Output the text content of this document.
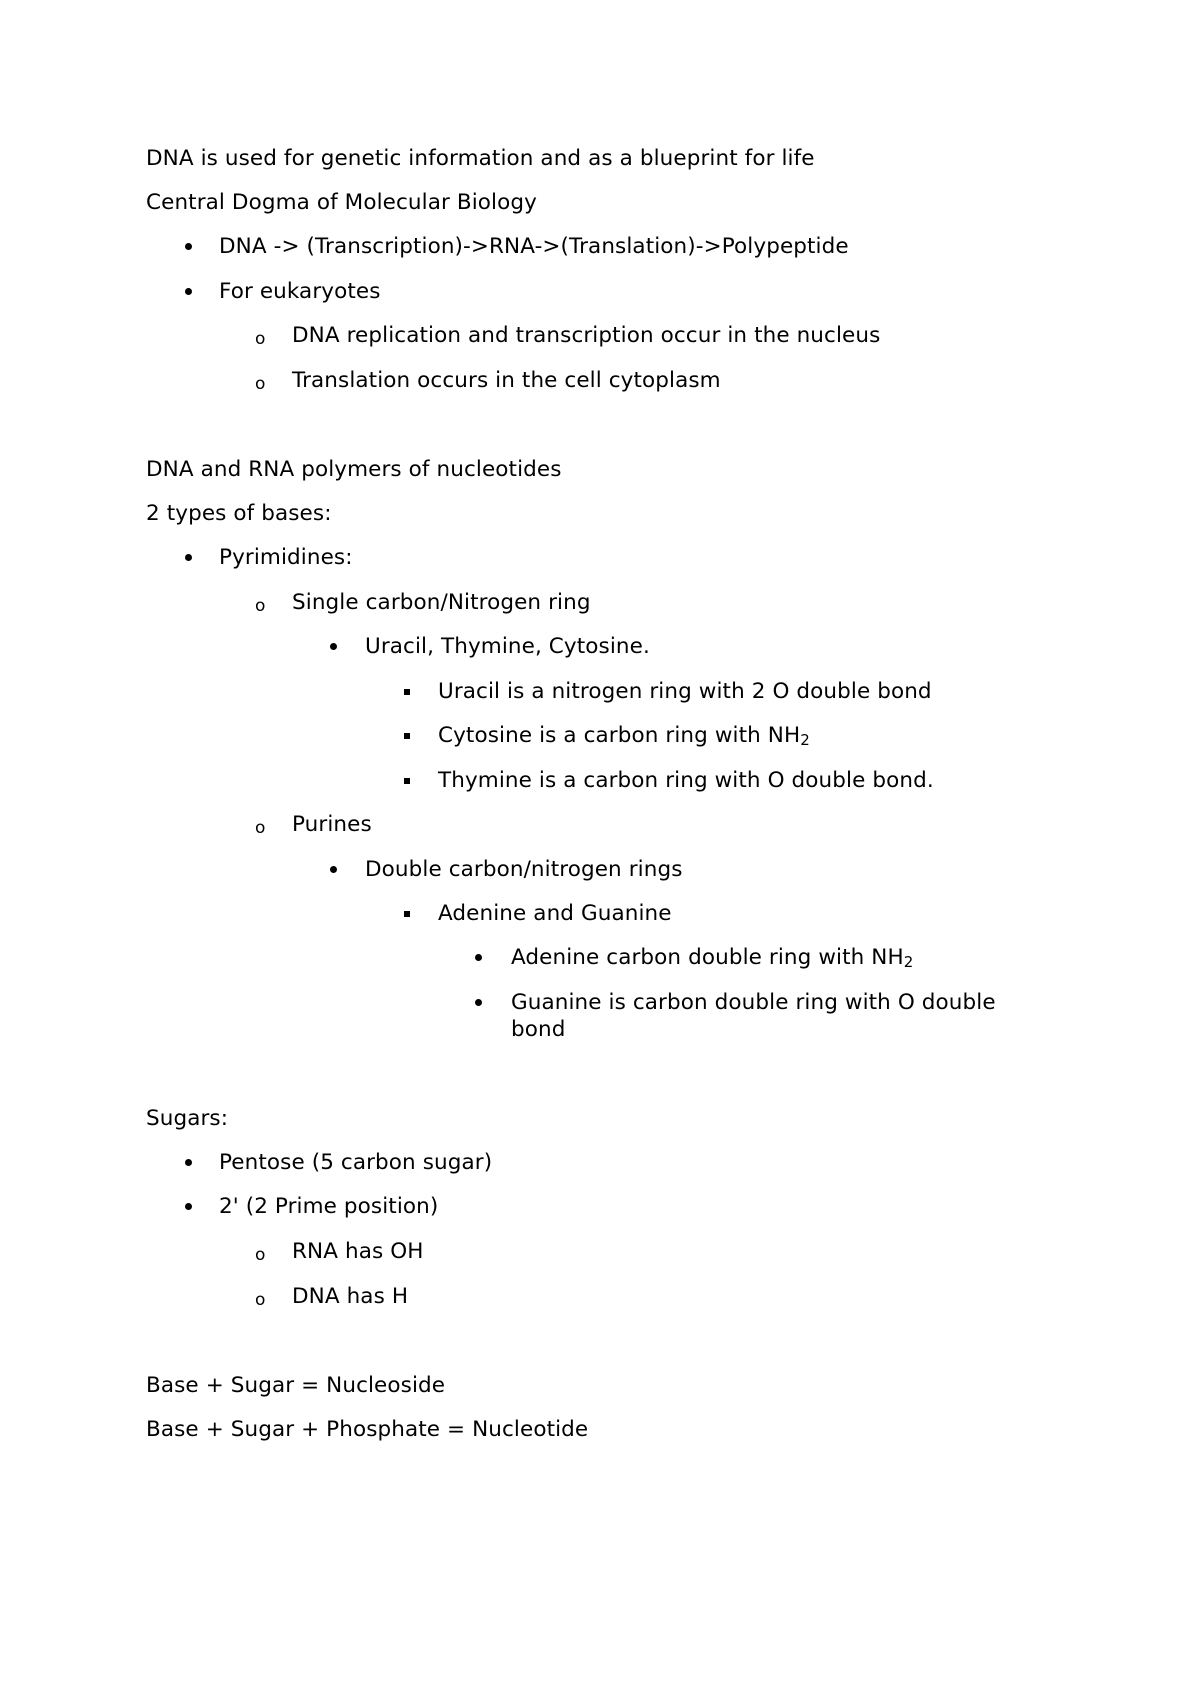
DNA is used for genetic information and as a blueprint for life
Central Dogma of Molecular Biology
DNA -> (Transcription)->RNA->(Translation)->Polypeptide
For eukaryotes
o DNA replication and transcription occur in the nucleus
o Translation occurs in the cell cytoplasm
DNA and RNA polymers of nucleotides
2 types of bases:
Pyrimidines:
o Single carbon/Nitrogen ring
Uracil, Thymine, Cytosine.
Uracil is a nitrogen ring with 2 O double bond
Cytosine is a carbon ring with $NH_2$
Thymine is a carbon ring with O double bond.
o Purines
Double carbon/nitrogen rings
Adenine and Guanine
Adenine carbon double ring with $NH_2$
Guanine is carbon double ring with O double bond
Sugars:
Pentose (5 carbon sugar)
2' (2 Prime position)
o RNA has OH
o DNA has H
Base + Sugar = Nucleoside
Base + Sugar + Phosphate = Nucleotide
